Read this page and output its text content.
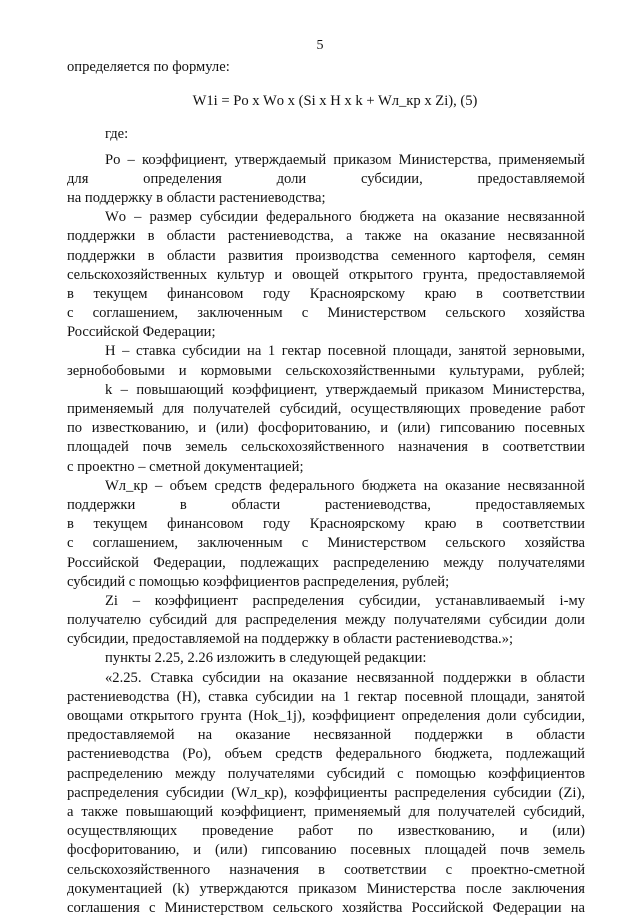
5
определяется по формуле:
W1i = Pо x Wо x (Si x H x k + Wл_кр x Zi), (5)
где:
Pо – коэффициент, утверждаемый приказом Министерства, применяемый
для определения доли субсидии, предоставляемой
на поддержку в области растениеводства;
Wо – размер субсидии федерального бюджета на оказание несвязанной
поддержки в области растениеводства, а также на оказание несвязанной
поддержки в области развития производства семенного картофеля, семян
сельскохозяйственных культур и овощей открытого грунта, предоставляемой
в текущем финансовом году Красноярскому краю в соответствии
с соглашением, заключенным с Министерством сельского хозяйства
Российской Федерации;
H – ставка субсидии на 1 гектар посевной площади, занятой зерновыми,
зернобобовыми и кормовыми сельскохозяйственными культурами, рублей;
k – повышающий коэффициент, утверждаемый приказом Министерства,
применяемый для получателей субсидий, осуществляющих проведение работ
по известкованию, и (или) фосфоритованию, и (или) гипсованию посевных
площадей почв земель сельскохозяйственного назначения в соответствии
с проектно – сметной документацией;
Wл_кр – объем средств федерального бюджета на оказание несвязанной
поддержки в области растениеводства, предоставляемых
в текущем финансовом году Красноярскому краю в соответствии
с соглашением, заключенным с Министерством сельского хозяйства
Российской Федерации, подлежащих распределению между получателями
субсидий с помощью коэффициентов распределения, рублей;
Zi – коэффициент распределения субсидии, устанавливаемый i-му
получателю субсидий для распределения между получателями субсидии доли
субсидии, предоставляемой на поддержку в области растениеводства.»;
пункты 2.25, 2.26 изложить в следующей редакции:
«2.25. Ставка субсидии на оказание несвязанной поддержки в области
растениеводства (H), ставка субсидии на 1 гектар посевной площади, занятой
овощами открытого грунта (Hok_1j), коэффициент определения доли субсидии,
предоставляемой на оказание несвязанной поддержки в области
растениеводства (Pо), объем средств федерального бюджета, подлежащий
распределению между получателями субсидий с помощью коэффициентов
распределения субсидии (Wл_кр), коэффициенты распределения субсидии (Zi),
а также повышающий коэффициент, применяемый для получателей субсидий,
осуществляющих проведение работ по известкованию, и (или)
фосфоритованию, и (или) гипсованию посевных площадей почв земель
сельскохозяйственного назначения в соответствии с проектно-сметной
документацией (k) утверждаются приказом Министерства после заключения
соглашения с Министерством сельского хозяйства Российской Федерации на
